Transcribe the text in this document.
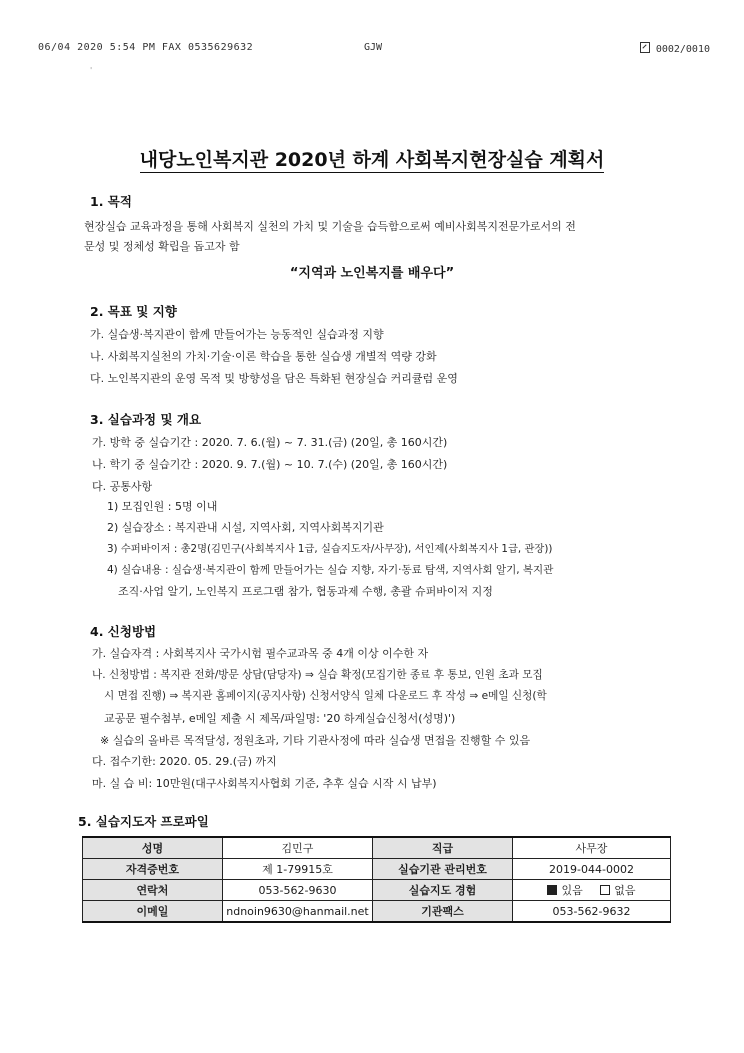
06/04 2020 5:54 PM FAX 0535629632	GJW	0002/0010
'
내당노인복지관 2020년 하계 사회복지현장실습 계획서
1. 목적
현장실습 교육과정을 통해 사회복지 실천의 가치 및 기술을 습득함으로써 예비사회복지전문가로서의 전
문성 및 정체성 확립을 돕고자 함
“지역과 노인복지를 배우다”
2. 목표 및 지향
가. 실습생·복지관이 함께 만들어가는 능동적인 실습과정 지향
나. 사회복지실천의 가치·기술·이론 학습을 통한 실습생 개별적 역량 강화
다. 노인복지관의 운영 목적 및 방향성을 담은 특화된 현장실습 커리큘럼 운영
3. 실습과정 및 개요
가. 방학 중 실습기간 : 2020. 7. 6.(월) ~ 7. 31.(금) (20일, 총 160시간)
나. 학기 중 실습기간 : 2020. 9. 7.(월) ~ 10. 7.(수) (20일, 총 160시간)
다. 공통사항
1) 모집인원 : 5명 이내
2) 실습장소 : 복지관내 시설, 지역사회, 지역사회복지기관
3) 수퍼바이저 : 총2명(김민구(사회복지사 1급, 실습지도자/사무장), 서인제(사회복지사 1급, 관장))
4) 실습내용 : 실습생·복지관이 함께 만들어가는 실습 지향, 자기·동료 탐색, 지역사회 알기, 복지관
조직·사업 알기, 노인복지 프로그램 참가, 협동과제 수행, 총괄 슈퍼바이저 지정
4. 신청방법
가. 실습자격 : 사회복지사 국가시험 필수교과목 중 4개 이상 이수한 자
나. 신청방법 : 복지관 전화/방문 상담(담당자) ⇒ 실습 확정(모집기한 종료 후 통보, 인원 초과 모집
시 면접 진행) ⇒ 복지관 홈페이지(공지사항) 신청서양식 일체 다운로드 후 작성 ⇒ e메일 신청(학
교공문 필수첨부, e메일 제출 시 제목/파일명: '20 하계실습신청서(성명)')
※ 실습의 올바른 목적달성, 정원초과, 기타 기관사정에 따라 실습생 면접을 진행할 수 있음
다. 접수기한: 2020. 05. 29.(금) 까지
마. 실 습 비: 10만원(대구사회복지사협회 기준, 추후 실습 시작 시 납부)
5. 실습지도자 프로파일
성명	김민구	직급	사무장
자격증번호	제 1-79915호	실습기관 관리번호	2019-044-0002
연락처	053-562-9630	실습지도 경험	있음 없음
이메일	ndnoin9630@hanmail.net	기관팩스	053-562-9632
